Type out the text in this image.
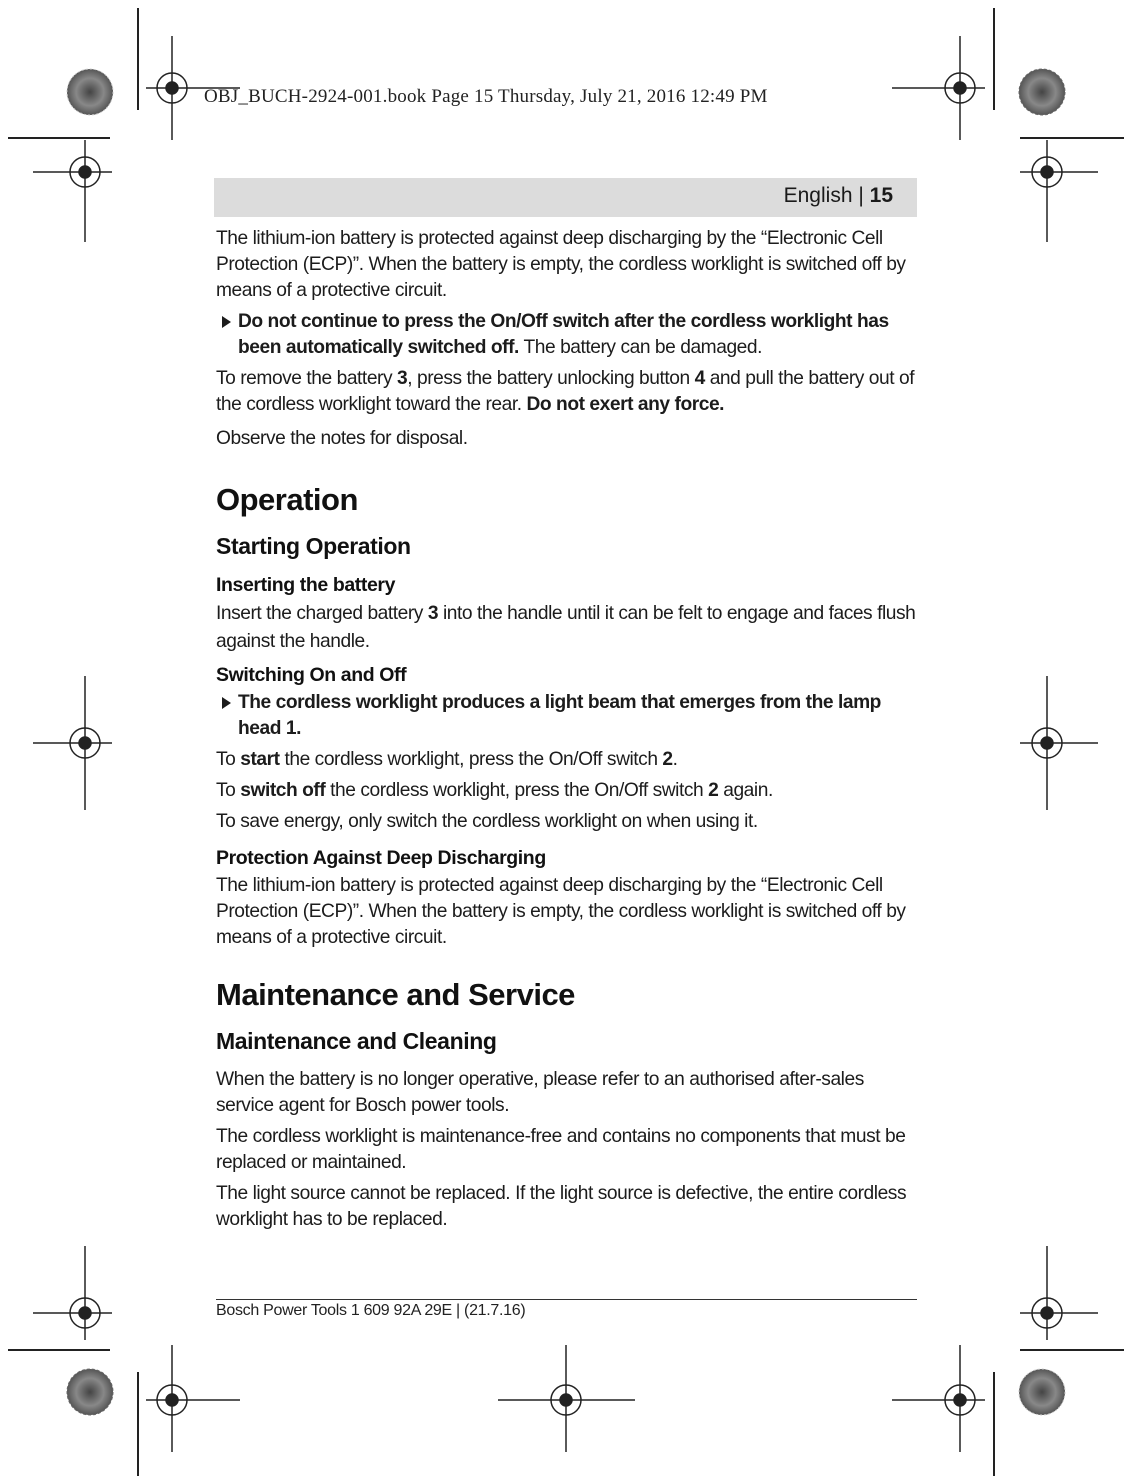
OBJ_BUCH-2924-001.book Page 15 Thursday, July 21, 2016 12:49 PM
English | 15

The lithium-ion battery is protected against deep discharging by the “Electronic Cell Protection (ECP)”. When the battery is empty, the cordless worklight is switched off by means of a protective circuit.

Do not continue to press the On/Off switch after the cordless worklight has been automatically switched off. The battery can be damaged.

To remove the battery 3, press the battery unlocking button 4 and pull the battery out of the cordless worklight toward the rear. Do not exert any force.

Observe the notes for disposal.

Operation
Starting Operation
Inserting the battery

Insert the charged battery 3 into the handle until it can be felt to engage and faces flush against the handle.

Switching On and Off
The cordless worklight produces a light beam that emerges from the lamp head 1.

To start the cordless worklight, press the On/Off switch 2.

To switch off the cordless worklight, press the On/Off switch 2 again.

To save energy, only switch the cordless worklight on when using it.

Protection Against Deep Discharging

The lithium-ion battery is protected against deep discharging by the “Electronic Cell Protection (ECP)”. When the battery is empty, the cordless worklight is switched off by means of a protective circuit.

Maintenance and Service
Maintenance and Cleaning

When the battery is no longer operative, please refer to an authorised after-sales service agent for Bosch power tools.

The cordless worklight is maintenance-free and contains no components that must be replaced or maintained.

The light source cannot be replaced. If the light source is defective, the entire cordless worklight has to be replaced.

Bosch Power Tools 1 609 92A 29E | (21.7.16)
